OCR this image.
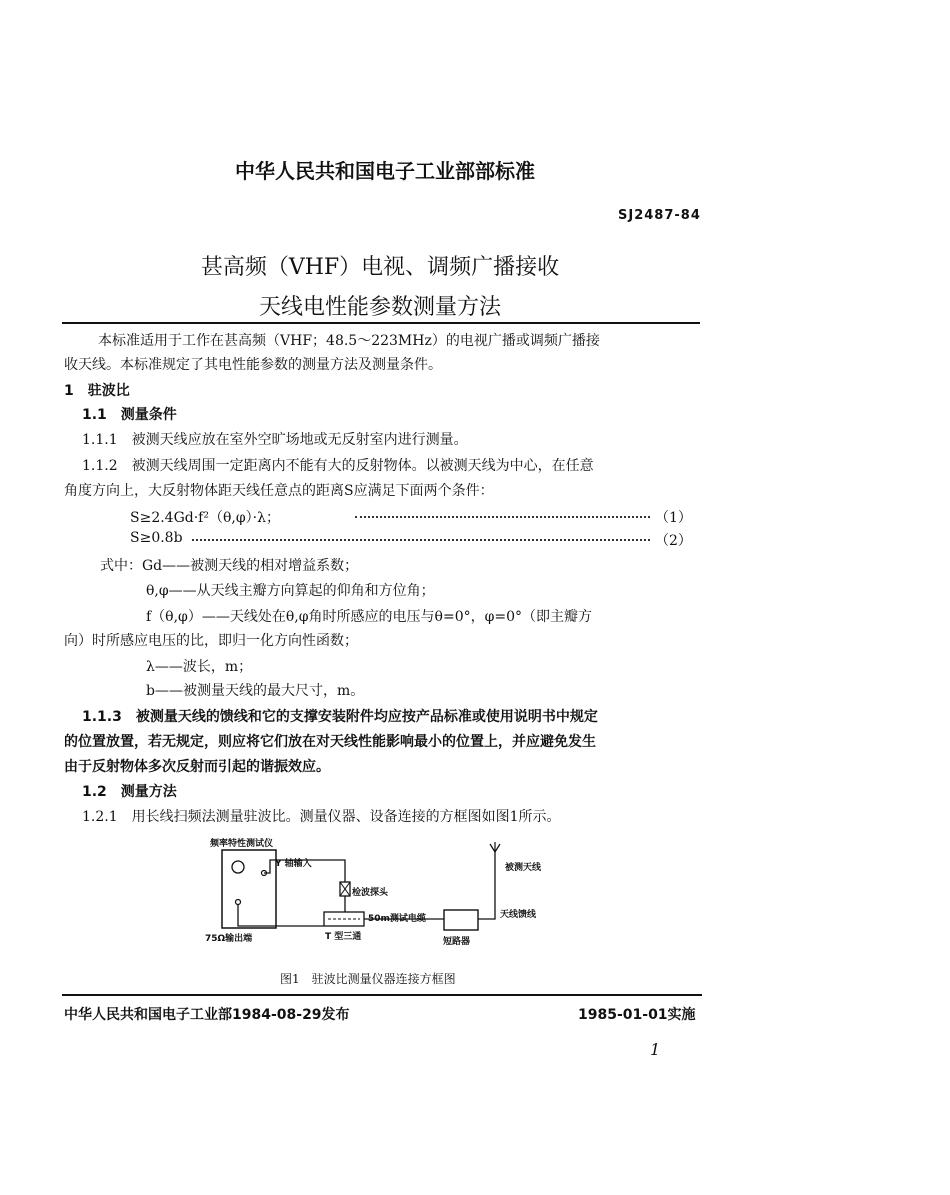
中华人民共和国电子工业部部标准
SJ2487-84
甚高频（VHF）电视、调频广播接收
天线电性能参数测量方法
本标准适用于工作在甚高频（VHF；48.5～223MHz）的电视广播或调频广播接
收天线。本标准规定了其电性能参数的测量方法及测量条件。
1　驻波比
1.1　测量条件
1.1.1　被测天线应放在室外空旷场地或无反射室内进行测量。
1.1.2　被测天线周围一定距离内不能有大的反射物体。以被测天线为中心，在任意
角度方向上，大反射物体距天线任意点的距离S应满足下面两个条件：
S≥2.4Gd·f²（θ,φ）·λ；	（1）
S≥0.8b	（2）
式中：Gd——被测天线的相对增益系数；
θ,φ——从天线主瓣方向算起的仰角和方位角；
f（θ,φ）——天线处在θ,φ角时所感应的电压与θ=0°，φ=0°（即主瓣方
向）时所感应电压的比，即归一化方向性函数；
λ——波长，m；
b——被测量天线的最大尺寸，m。
1.1.3　被测量天线的馈线和它的支撑安装附件均应按产品标准或使用说明书中规定
的位置放置，若无规定，则应将它们放在对天线性能影响最小的位置上，并应避免发生
由于反射物体多次反射而引起的谐振效应。
1.2　测量方法
1.2.1　用长线扫频法测量驻波比。测量仪器、设备连接的方框图如图1所示。
频率特性测试仪
Y 轴输入
检波探头
50m测试电缆
T 型三通
75Ω输出端	短路器
被测天线
天线馈线
图1　驻波比测量仪器连接方框图
中华人民共和国电子工业部1984-08-29发布	1985-01-01实施
1
